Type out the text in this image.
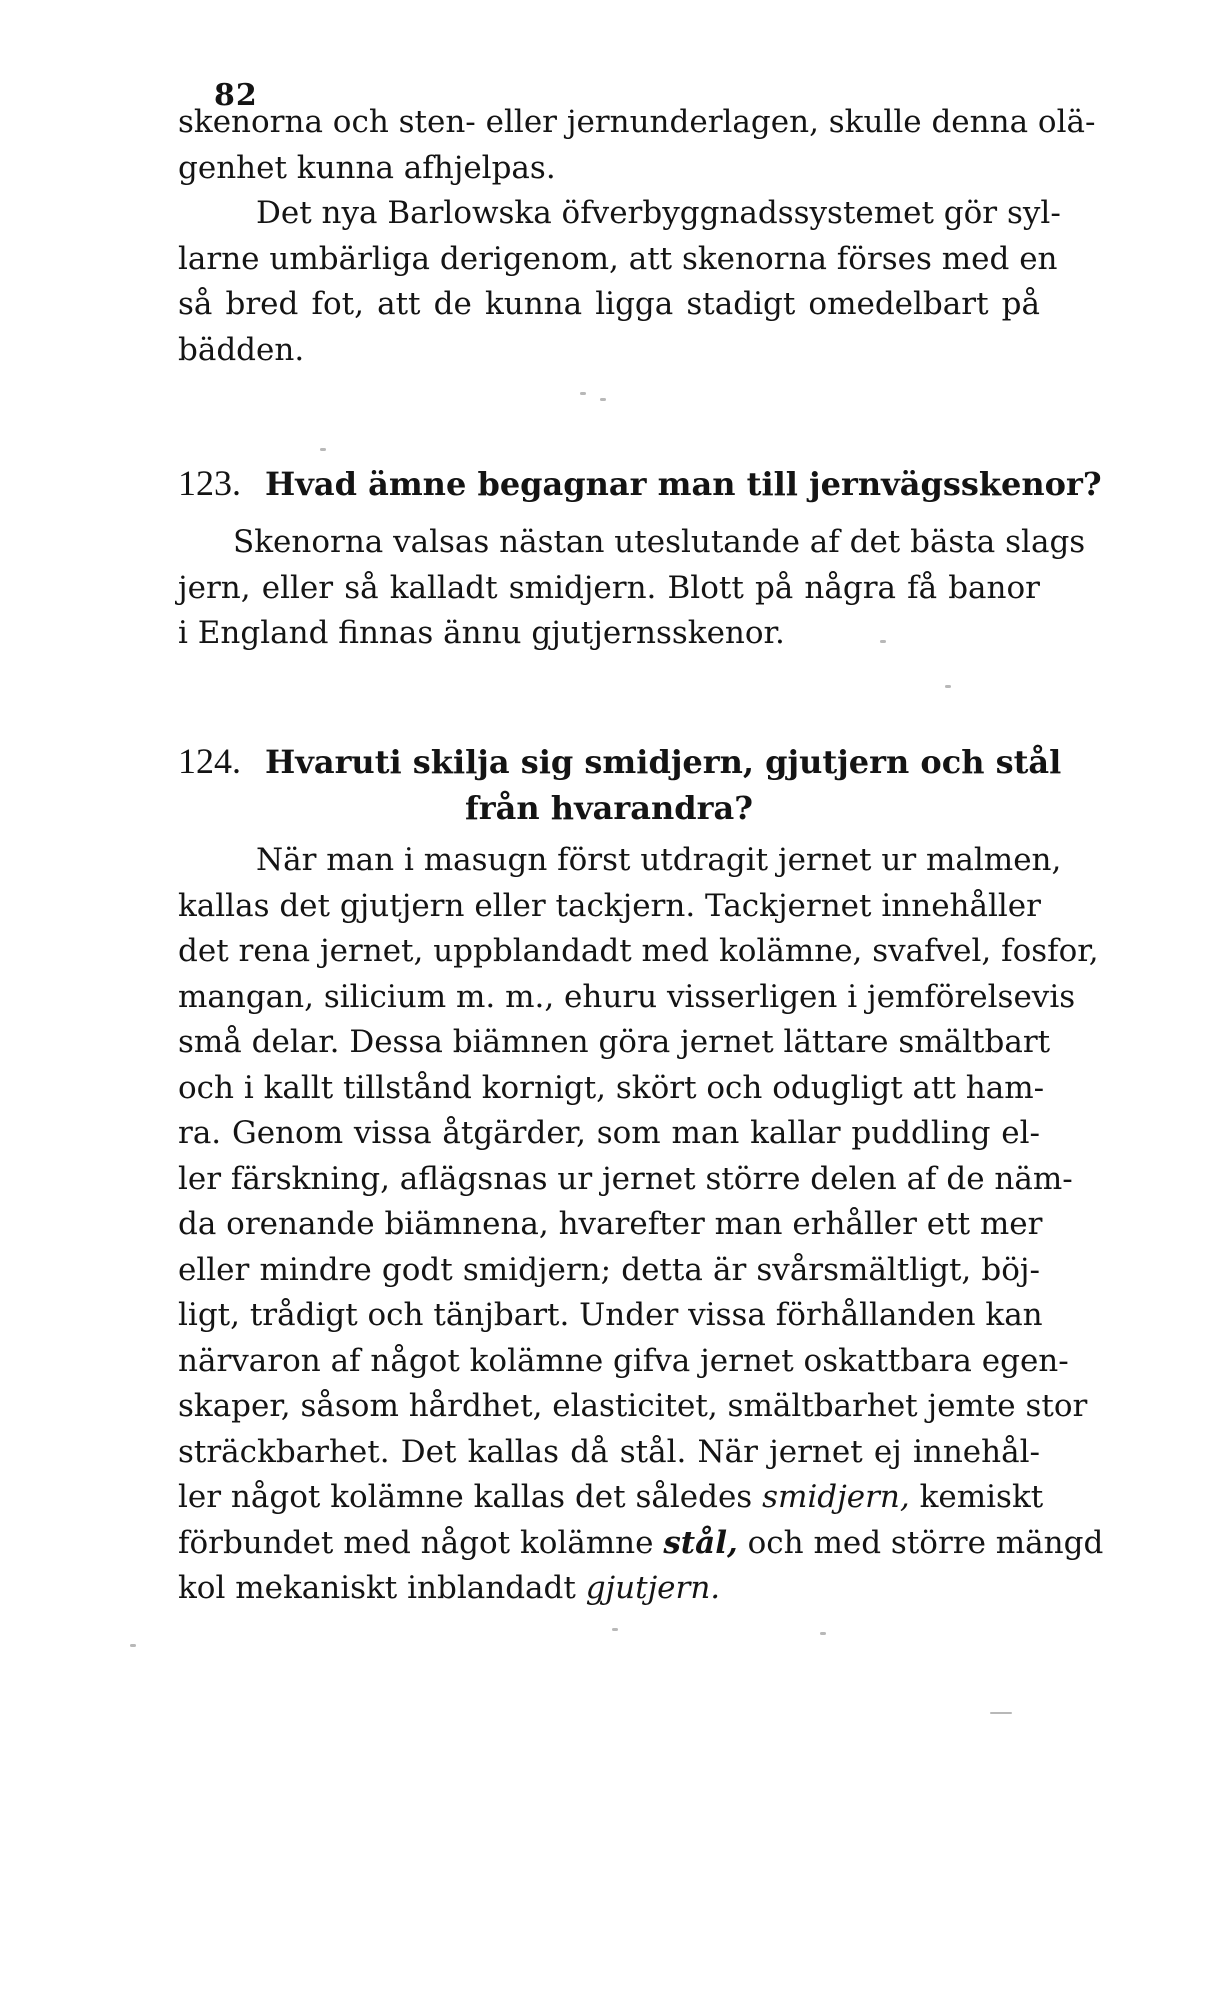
82
skenorna och sten- eller jernunderlagen, skulle denna olä-
genhet kunna afhjelpas.
Det nya Barlowska öfverbyggnadssystemet gör syl-
larne umbärliga derigenom, att skenorna förses med en
så bred fot, att de kunna ligga stadigt omedelbart på
bädden.
123. Hvad ämne begagnar man till jernvägsskenor?
Skenorna valsas nästan uteslutande af det bästa slags
jern, eller så kalladt smidjern. Blott på några få banor
i England finnas ännu gjutjernsskenor.
124. Hvaruti skilja sig smidjern, gjutjern och stål
från hvarandra?
När man i masugn först utdragit jernet ur malmen,
kallas det gjutjern eller tackjern. Tackjernet innehåller
det rena jernet, uppblandadt med kolämne, svafvel, fosfor,
mangan, silicium m. m., ehuru visserligen i jemförelsevis
små delar. Dessa biämnen göra jernet lättare smältbart
och i kallt tillstånd kornigt, skört och odugligt att ham-
ra. Genom vissa åtgärder, som man kallar puddling el-
ler färskning, aflägsnas ur jernet större delen af de näm-
da orenande biämnena, hvarefter man erhåller ett mer
eller mindre godt smidjern; detta är svårsmältligt, böj-
ligt, trådigt och tänjbart. Under vissa förhållanden kan
närvaron af något kolämne gifva jernet oskattbara egen-
skaper, såsom hårdhet, elasticitet, smältbarhet jemte stor
sträckbarhet. Det kallas då stål. När jernet ej innehål-
ler något kolämne kallas det således smidjern, kemiskt
förbundet med något kolämne stål, och med större mängd
kol mekaniskt inblandadt gjutjern.
